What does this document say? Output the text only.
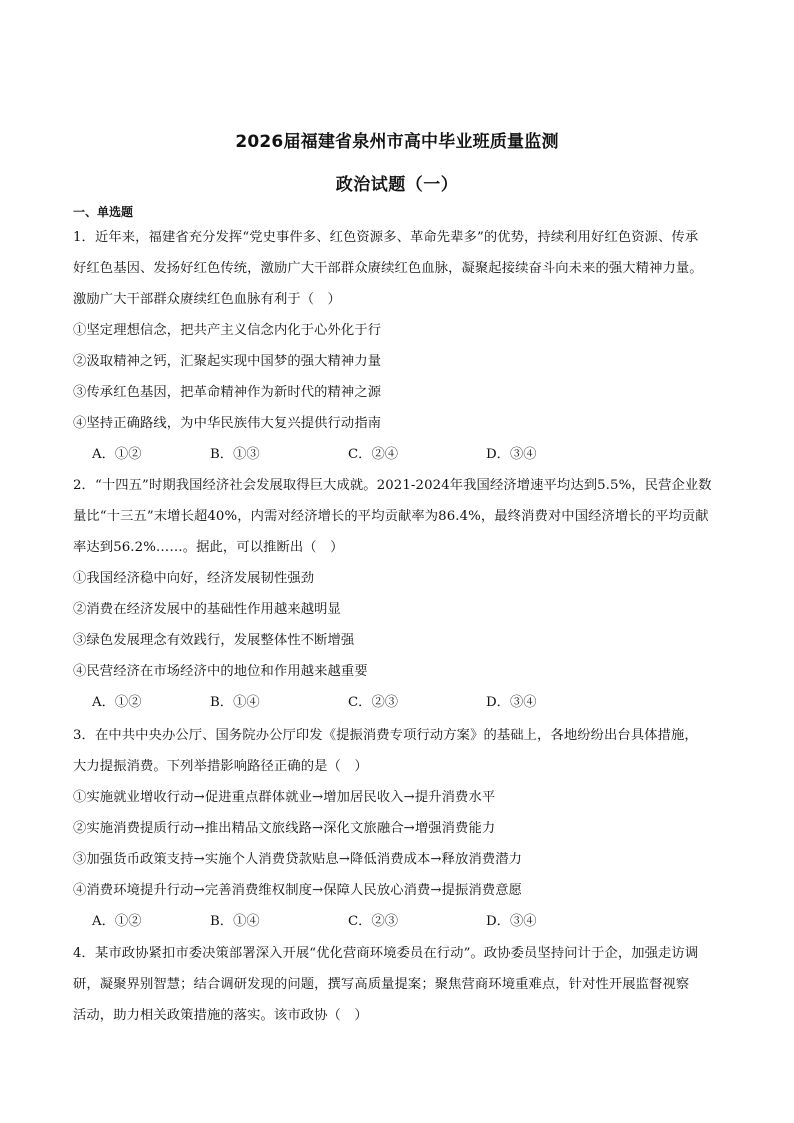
2026届福建省泉州市高中毕业班质量监测
政治试题（一）
一、单选题
1．近年来，福建省充分发挥“党史事件多、红色资源多、革命先辈多”的优势，持续利用好红色资源、传承
好红色基因、发扬好红色传统，激励广大干部群众赓续红色血脉，凝聚起接续奋斗向未来的强大精神力量。
激励广大干部群众赓续红色血脉有利于（　）
①坚定理想信念，把共产主义信念内化于心外化于行
②汲取精神之钙，汇聚起实现中国梦的强大精神力量
③传承红色基因，把革命精神作为新时代的精神之源
④坚持正确路线，为中华民族伟大复兴提供行动指南
A．①②	B．①③	C．②④	D．③④
2．“十四五”时期我国经济社会发展取得巨大成就。2021-2024年我国经济增速平均达到5.5%，民营企业数
量比“十三五”末增长超40%，内需对经济增长的平均贡献率为86.4%，最终消费对中国经济增长的平均贡献
率达到56.2%……。据此，可以推断出（　）
①我国经济稳中向好，经济发展韧性强劲
②消费在经济发展中的基础性作用越来越明显
③绿色发展理念有效践行，发展整体性不断增强
④民营经济在市场经济中的地位和作用越来越重要
A．①②	B．①④	C．②③	D．③④
3．在中共中央办公厅、国务院办公厅印发《提振消费专项行动方案》的基础上，各地纷纷出台具体措施，
大力提振消费。下列举措影响路径正确的是（　）
①实施就业增收行动→促进重点群体就业→增加居民收入→提升消费水平
②实施消费提质行动→推出精品文旅线路→深化文旅融合→增强消费能力
③加强货币政策支持→实施个人消费贷款贴息→降低消费成本→释放消费潜力
④消费环境提升行动→完善消费维权制度→保障人民放心消费→提振消费意愿
A．①②	B．①④	C．②③	D．③④
4．某市政协紧扣市委决策部署深入开展“优化营商环境委员在行动”。政协委员坚持问计于企，加强走访调
研，凝聚界别智慧；结合调研发现的问题，撰写高质量提案；聚焦营商环境重难点，针对性开展监督视察
活动，助力相关政策措施的落实。该市政协（　）
